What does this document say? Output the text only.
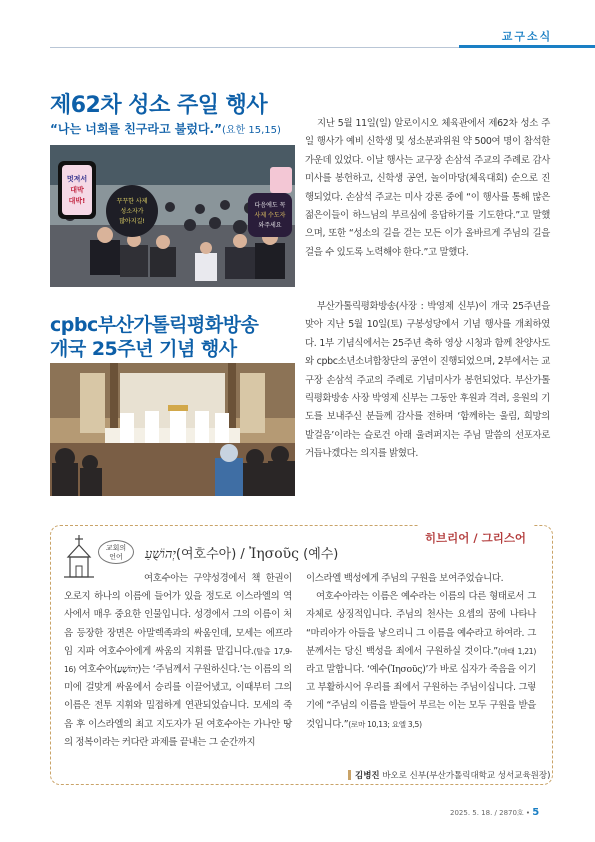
교구소식
제62차 성소 주일 행사
“나는 너희를 친구라고 불렀다.”(요한 15,15)
멋져서
대박
대박!	꾸꾸한 사제
성소자가
많아지길!
다음에도 꼭
사제 수도자
와주세요
지난 5월 11일(일) 알로이시오 체육관에서 제62차 성소 주일 행사가 예비 신학생 및 성소분과위원 약 500여 명이 참석한 가운데 있었다. 이날 행사는 교구장 손삼석 주교의 주례로 감사미사를 봉헌하고, 신학생 공연, 놀이마당(체육대회) 순으로 진행되었다. 손삼석 주교는 미사 강론 중에 “이 행사를 통해 많은 젊은이들이 하느님의 부르심에 응답하기를 기도한다.”고 말했으며, 또한 “성소의 길을 걷는 모든 이가 올바르게 주님의 길을 걸을 수 있도록 노력해야 한다.”고 말했다.
cpbc부산가톨릭평화방송
개국 25주년 기념 행사
부산가톨릭평화방송(사장 : 박영제 신부)이 개국 25주년을 맞아 지난 5월 10일(토) 구봉성당에서 기념 행사를 개최하였다. 1부 기념식에서는 25주년 축하 영상 시청과 함께 찬양사도와 cpbc소년소녀합창단의 공연이 진행되었으며, 2부에서는 교구장 손삼석 주교의 주례로 기념미사가 봉헌되었다. 부산가톨릭평화방송 사장 박영제 신부는 그동안 후원과 격려, 응원의 기도를 보내주신 분들께 감사를 전하며 ‘함께하는 울림, 희망의 발걸음’이라는 슬로건 아래 울려퍼지는 주님 말씀의 선포자로 거듭나겠다는 의지를 밝혔다.
히브리어 / 그리스어
교회의
언어	יְהוֹשֻׁעַ(여호수아) / Ἰησοῦς (예수)
여호수아는 구약성경에서 책 한권이 오로지 하나의 이름에 들어가 있을 정도로 이스라엘의 역사에서 매우 중요한 인물입니다. 성경에서 그의 이름이 처음 등장한 장면은 아말렉족과의 싸움인데, 모세는 에프라임 지파 여호수아에게 싸움의 지휘를 맡깁니다.(탈출 17,9-16) 여호수아(יְהוֹשֻׁעַ)는 ‘주님께서 구원하신다.’는 이름의 의미에 걸맞게 싸움에서 승리를 이끌어냈고, 이때부터 그의 이름은 전투 지휘와 밀접하게 연관되었습니다. 모세의 죽음 후 이스라엘의 최고 지도자가 된 여호수아는 가나안 땅의 정복이라는 커다란 과제를 끝내는 그 순간까지
이스라엘 백성에게 주님의 구원을 보여주었습니다.
여호수아라는 이름은 예수라는 이름의 다른 형태로서 그 자체로 상징적입니다. 주님의 천사는 요셉의 꿈에 나타나 “마리아가 아들을 낳으리니 그 이름을 예수라고 하여라. 그분께서는 당신 백성을 죄에서 구원하실 것이다.”(마태 1,21)라고 말합니다. ‘예수(Ἰησοῦς)’가 바로 십자가 죽음을 이기고 부활하시어 우리를 죄에서 구원하는 주님이십니다. 그렇기에 “주님의 이름을 받들어 부르는 이는 모두 구원을 받을 것입니다.”(로마 10,13; 요엘 3,5)
김병진 바오로 신부(부산가톨릭대학교 성서교육원장)
2025. 5. 18. / 2870호 • 5
